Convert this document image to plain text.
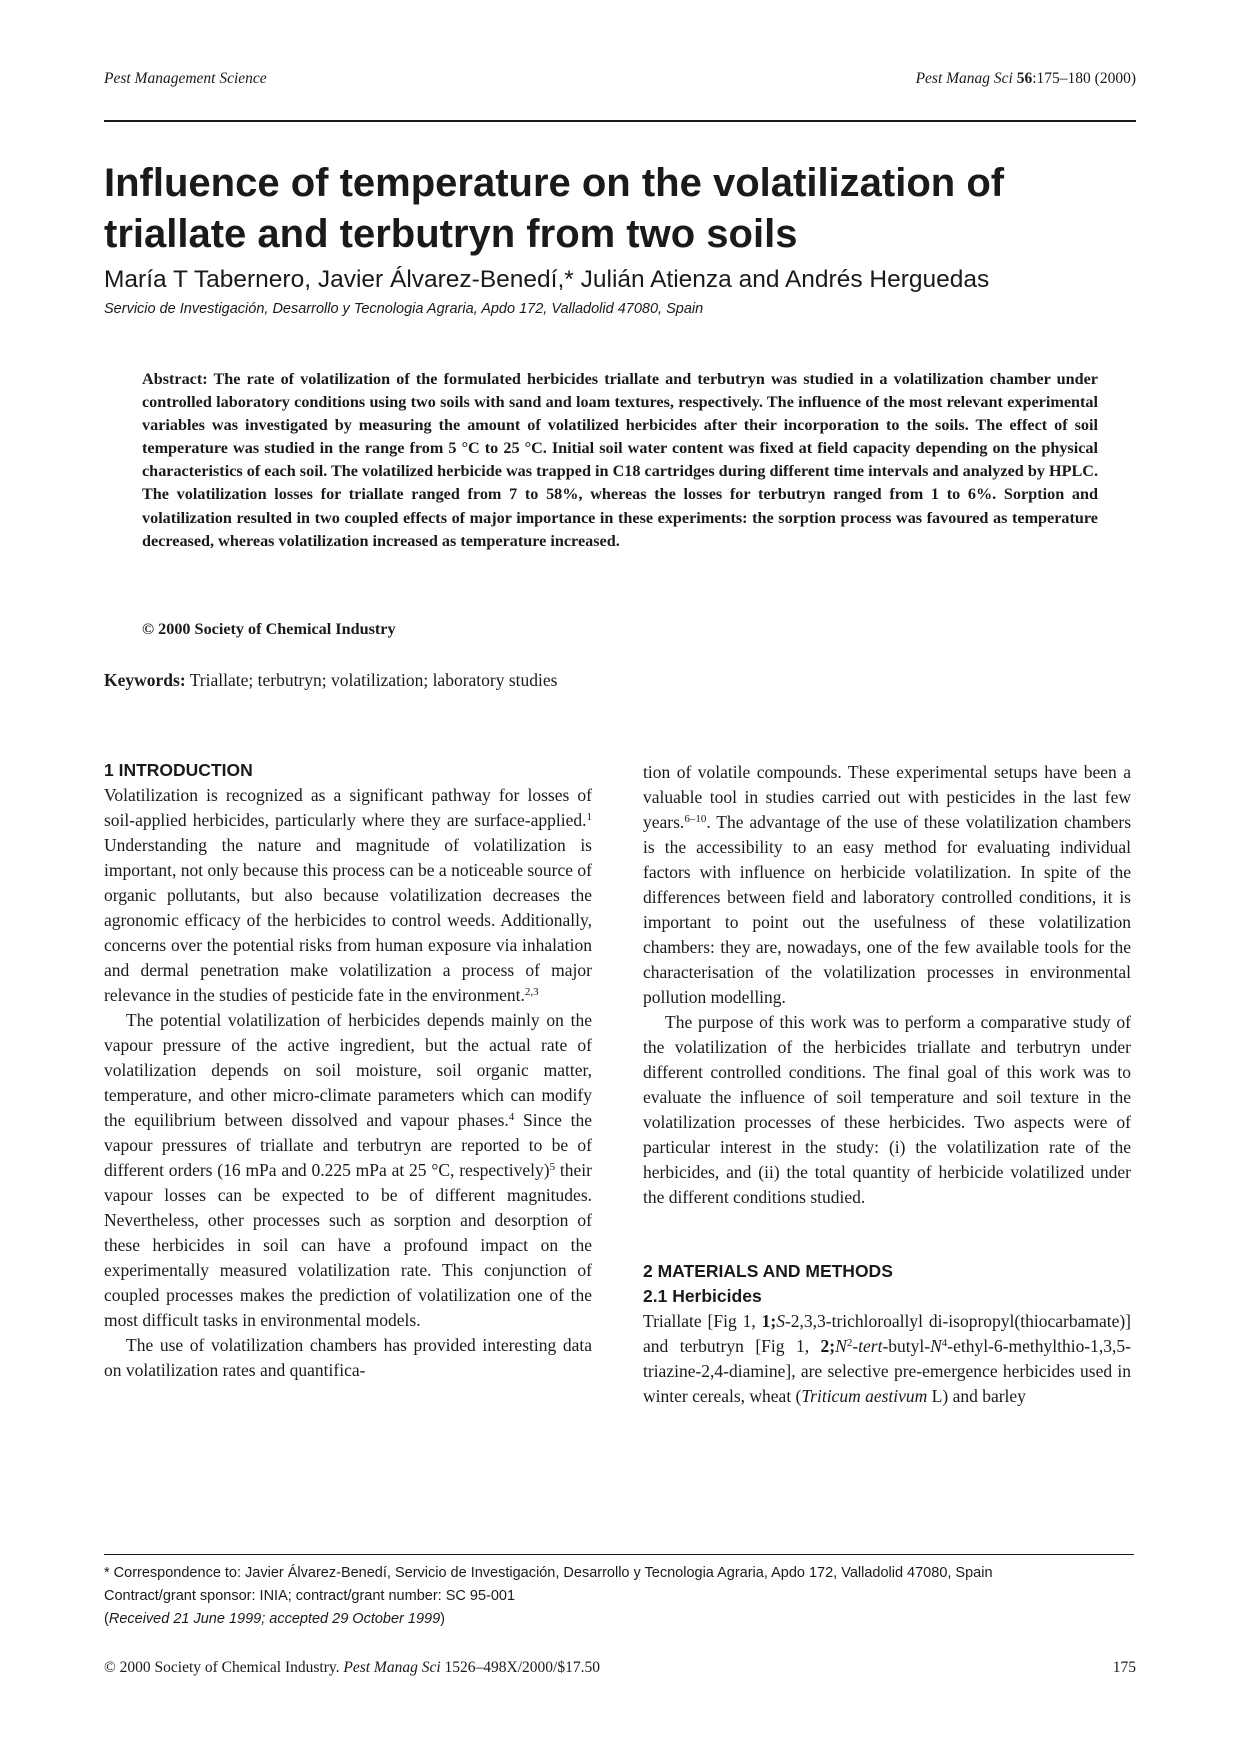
Pest Management Science	Pest Manag Sci 56:175–180 (2000)
Influence of temperature on the volatilization of triallate and terbutryn from two soils
María T Tabernero, Javier Álvarez-Benedí,* Julián Atienza and Andrés Herguedas
Servicio de Investigación, Desarrollo y Tecnologia Agraria, Apdo 172, Valladolid 47080, Spain

Abstract: The rate of volatilization of the formulated herbicides triallate and terbutryn was studied in a volatilization chamber under controlled laboratory conditions using two soils with sand and loam textures, respectively. The influence of the most relevant experimental variables was investigated by measuring the amount of volatilized herbicides after their incorporation to the soils. The effect of soil temperature was studied in the range from 5 °C to 25 °C. Initial soil water content was fixed at field capacity depending on the physical characteristics of each soil. The volatilized herbicide was trapped in C18 cartridges during different time intervals and analyzed by HPLC. The volatilization losses for triallate ranged from 7 to 58%, whereas the losses for terbutryn ranged from 1 to 6%. Sorption and volatilization resulted in two coupled effects of major importance in these experiments: the sorption process was favoured as temperature decreased, whereas volatilization increased as temperature increased.

© 2000 Society of Chemical Industry
Keywords: Triallate; terbutryn; volatilization; laboratory studies
1 INTRODUCTION

Volatilization is recognized as a significant pathway for losses of soil-applied herbicides, particularly where they are surface-applied.$^1$ Understanding the nature and magnitude of volatilization is important, not only because this process can be a noticeable source of organic pollutants, but also because volatilization decreases the agronomic efficacy of the herbicides to control weeds. Additionally, concerns over the potential risks from human exposure via inhalation and dermal penetration make volatilization a process of major relevance in the studies of pesticide fate in the environment.$^{2,3}$

The potential volatilization of herbicides depends mainly on the vapour pressure of the active ingredient, but the actual rate of volatilization depends on soil moisture, soil organic matter, temperature, and other micro-climate parameters which can modify the equilibrium between dissolved and vapour phases.$^4$ Since the vapour pressures of triallate and terbutryn are reported to be of different orders (16 mPa and 0.225 mPa at 25 °C, respectively)$^5$ their vapour losses can be expected to be of different magnitudes. Nevertheless, other processes such as sorption and desorption of these herbicides in soil can have a profound impact on the experimentally measured volatilization rate. This conjunction of coupled processes makes the prediction of volatilization one of the most difficult tasks in environmental models.

The use of volatilization chambers has provided interesting data on volatilization rates and quantifica-

tion of volatile compounds. These experimental setups have been a valuable tool in studies carried out with pesticides in the last few years.$^{6-10}$. The advantage of the use of these volatilization chambers is the accessibility to an easy method for evaluating individual factors with influence on herbicide volatilization. In spite of the differences between field and laboratory controlled conditions, it is important to point out the usefulness of these volatilization chambers: they are, nowadays, one of the few available tools for the characterisation of the volatilization processes in environmental pollution modelling.

The purpose of this work was to perform a comparative study of the volatilization of the herbicides triallate and terbutryn under different controlled conditions. The final goal of this work was to evaluate the influence of soil temperature and soil texture in the volatilization processes of these herbicides. Two aspects were of particular interest in the study: (i) the volatilization rate of the herbicides, and (ii) the total quantity of herbicide volatilized under the different conditions studied.

2 MATERIALS AND METHODS
2.1 Herbicides

Triallate [Fig 1, 1;S-2,3,3-trichloroallyl di-isopropyl(thiocarbamate)] and terbutryn [Fig 1, $2;N^2-tert-butyl-N^4-ethyl-6-methylthio-1,3,5-triazine-2,4-diamine$], are selective pre-emergence herbicides used in winter cereals, wheat (Triticum aestivum L) and barley

* Correspondence to: Javier Álvarez-Benedí, Servicio de Investigación, Desarrollo y Tecnologia Agraria, Apdo 172, Valladolid 47080, Spain
Contract/grant sponsor: INIA; contract/grant number: SC 95-001
(Received 21 June 1999; accepted 29 October 1999)
© 2000 Society of Chemical Industry. Pest Manag Sci 1526–498X/2000/$17.50	175
